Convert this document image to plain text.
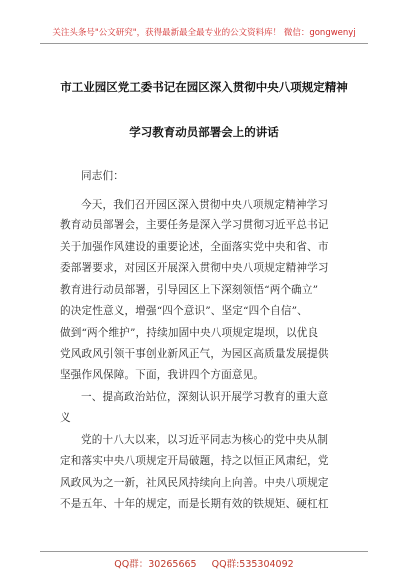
关注头条号"公文研究"，获得最新最全最专业的公文资料库！ 微信：gongwenyj
市工业园区党工委书记在园区深入贯彻中央八项规定精神
学习教育动员部署会上的讲话
同志们：
今天，我们召开园区深入贯彻中央八项规定精神学习
教育动员部署会，主要任务是深入学习贯彻习近平总书记
关于加强作风建设的重要论述，全面落实党中央和省、市
委部署要求，对园区开展深入贯彻中央八项规定精神学习
教育进行动员部署，引导园区上下深刻领悟“两个确立”
的决定性意义，增强“四个意识”、坚定“四个自信”、
做到“两个维护”，持续加固中央八项规定堤坝，以优良
党风政风引领干事创业新风正气，为园区高质量发展提供
坚强作风保障。下面，我讲四个方面意见。
一、提高政治站位，深刻认识开展学习教育的重大意
义
党的十八大以来，以习近平同志为核心的党中央从制
定和落实中央八项规定开局破题，持之以恒正风肃纪，党
风政风为之一新，社风民风持续向上向善。中央八项规定
不是五年、十年的规定，而是长期有效的铁规矩、硬杠杠
QQ群：30265665 QQ群:535304092
